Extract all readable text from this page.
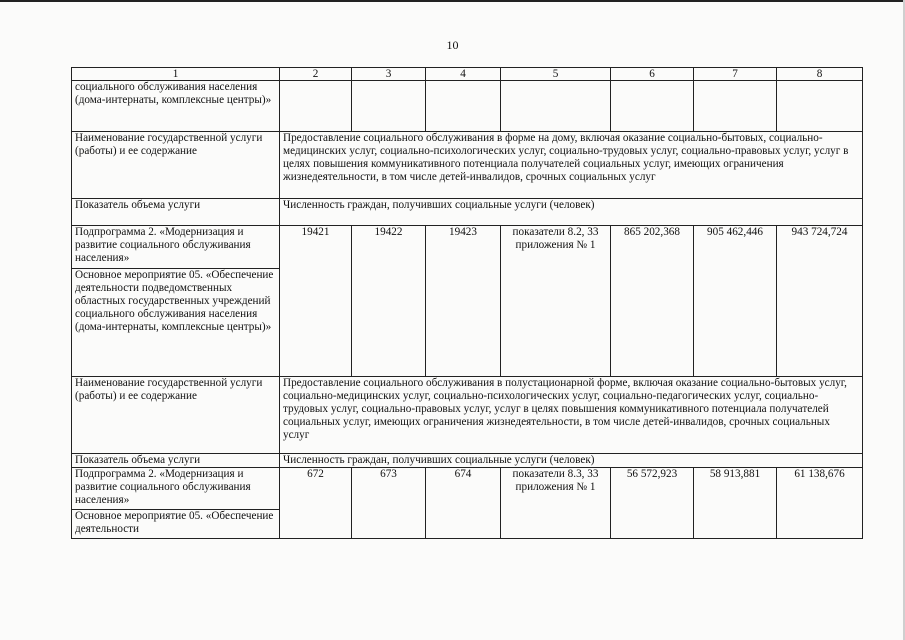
10
1	2	3	4	5	6	7	8
социального обслуживания населения (дома-интернаты, комплексные центры)»							
Наименование государственной услуги (работы) и ее содержание	Предоставление социального обслуживания в форме на дому, включая оказание социально-бытовых, социально-медицинских услуг, социально-психологических услуг, социально-трудовых услуг, социально-правовых услуг, услуг в целях повышения коммуникативного потенциала получателей социальных услуг, имеющих ограничения жизнедеятельности, в том числе детей-инвалидов, срочных социальных услуг						
Показатель объема услуги	Численность граждан, получивших социальные услуги (человек)						
Подпрограмма 2. «Модернизация и развитие социального обслуживания населения»	19421	19422	19423	показатели 8.2, 33 приложения № 1	865 202,368	905 462,446	943 724,724
Основное мероприятие 05. «Обеспечение деятельности подведомственных областных государственных учреждений социального обслуживания населения (дома-интернаты, комплексные центры)»							
Наименование государственной услуги (работы) и ее содержание	Предоставление социального обслуживания в полустационарной форме, включая оказание социально-бытовых услуг, социально-медицинских услуг, социально-психологических услуг, социально-педагогических услуг, социально-трудовых услуг, социально-правовых услуг, услуг в целях повышения коммуникативного потенциала получателей социальных услуг, имеющих ограничения жизнедеятельности, в том числе детей-инвалидов, срочных социальных услуг						
Показатель объема услуги	Численность граждан, получивших социальные услуги (человек)						
Подпрограмма 2. «Модернизация и развитие социального обслуживания населения»	672	673	674	показатели 8.3, 33 приложения № 1	56 572,923	58 913,881	61 138,676
Основное мероприятие 05. «Обеспечение деятельности							
